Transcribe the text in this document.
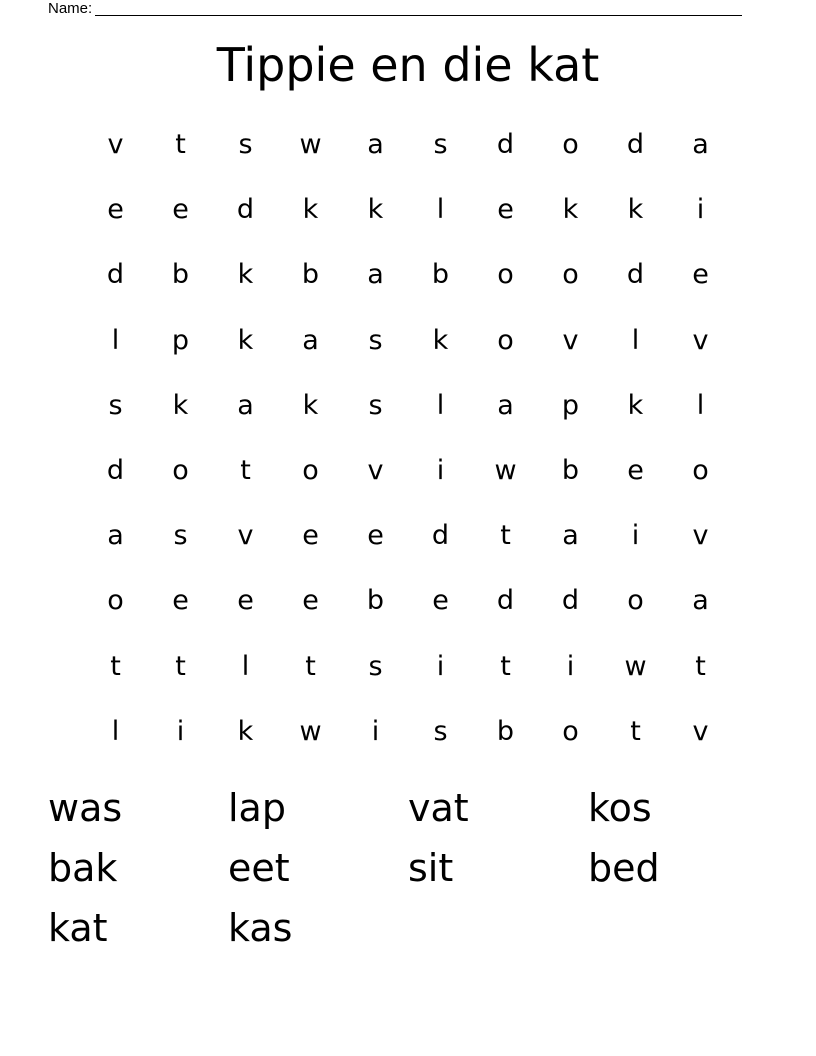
Name:
Tippie en die kat
v	t	s	w	a	s	d	o	d	a
e	e	d	k	k	l	e	k	k	i
d	b	k	b	a	b	o	o	d	e
l	p	k	a	s	k	o	v	l	v
s	k	a	k	s	l	a	p	k	l
d	o	t	o	v	i	w	b	e	o
a	s	v	e	e	d	t	a	i	v
o	e	e	e	b	e	d	d	o	a
t	t	l	t	s	i	t	i	w	t
l	i	k	w	i	s	b	o	t	v
was	lap	vat	kos
bak	eet	sit	bed
kat	kas
